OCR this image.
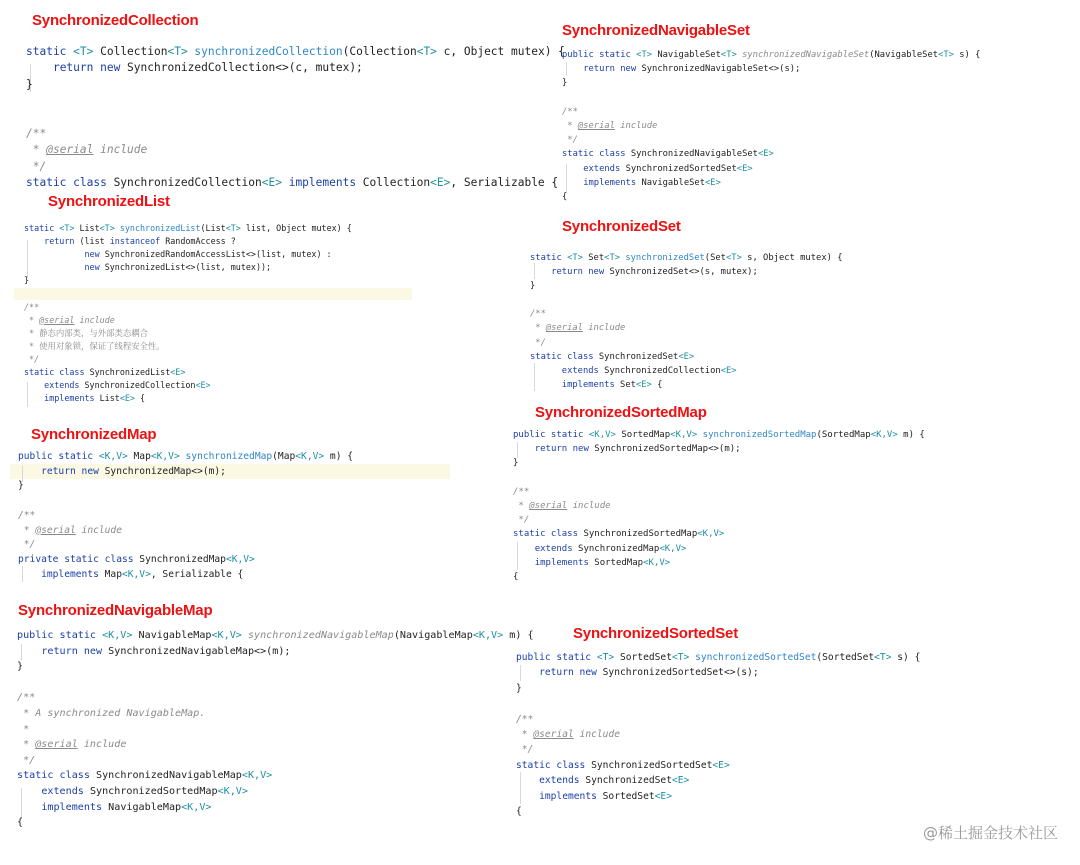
SynchronizedCollection
static <T> Collection<T> synchronizedCollection(Collection<T> c, Object mutex) {
return new SynchronizedCollection<>(c, mutex);
}

/**
* @serial include
*/
static class SynchronizedCollection<E> implements Collection<E>, Serializable {
SynchronizedList
static <T> List<T> synchronizedList(List<T> list, Object mutex) {
return (list instanceof RandomAccess ?
new SynchronizedRandomAccessList<>(list, mutex) :
new SynchronizedList<>(list, mutex));
}

/**
* @serial include
* 静态内部类，与外部类态耦合
* 使用对象锁，保证了线程安全性。
*/
static class SynchronizedList<E>
extends SynchronizedCollection<E>
implements List<E> {
SynchronizedMap
public static <K,V> Map<K,V> synchronizedMap(Map<K,V> m) {
return new SynchronizedMap<>(m);
}

/**
* @serial include
*/
private static class SynchronizedMap<K,V>
implements Map<K,V>, Serializable {
SynchronizedNavigableMap
public static <K,V> NavigableMap<K,V> synchronizedNavigableMap(NavigableMap<K,V> m) {
return new SynchronizedNavigableMap<>(m);
}

/**
* A synchronized NavigableMap.
*
* @serial include
*/
static class SynchronizedNavigableMap<K,V>
extends SynchronizedSortedMap<K,V>
implements NavigableMap<K,V>
{
SynchronizedNavigableSet
public static <T> NavigableSet<T> synchronizedNavigableSet(NavigableSet<T> s) {
return new SynchronizedNavigableSet<>(s);
}

/**
* @serial include
*/
static class SynchronizedNavigableSet<E>
extends SynchronizedSortedSet<E>
implements NavigableSet<E>
{
SynchronizedSet
static <T> Set<T> synchronizedSet(Set<T> s, Object mutex) {
return new SynchronizedSet<>(s, mutex);
}

/**
* @serial include
*/
static class SynchronizedSet<E>
extends SynchronizedCollection<E>
implements Set<E> {
SynchronizedSortedMap
public static <K,V> SortedMap<K,V> synchronizedSortedMap(SortedMap<K,V> m) {
return new SynchronizedSortedMap<>(m);
}

/**
* @serial include
*/
static class SynchronizedSortedMap<K,V>
extends SynchronizedMap<K,V>
implements SortedMap<K,V>
{
SynchronizedSortedSet
public static <T> SortedSet<T> synchronizedSortedSet(SortedSet<T> s) {
return new SynchronizedSortedSet<>(s);
}

/**
* @serial include
*/
static class SynchronizedSortedSet<E>
extends SynchronizedSet<E>
implements SortedSet<E>
{
@稀土掘金技术社区
